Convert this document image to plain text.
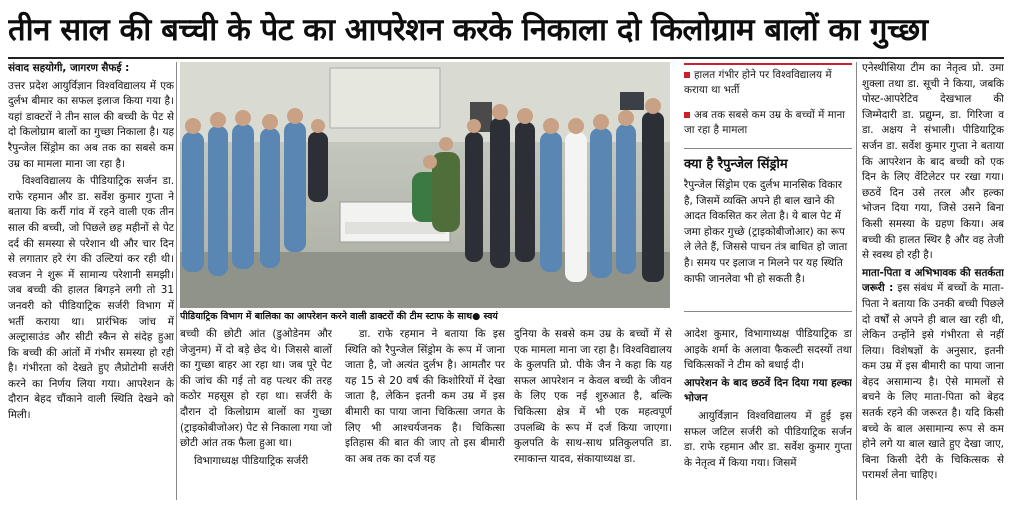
तीन साल की बच्ची के पेट का आपरेशन करके निकाला दो किलोग्राम बालों का गुच्छा

संवाद सहयोगी, जागरण सैफई :

उत्तर प्रदेश आयुर्विज्ञान विश्वविद्यालय में एक दुर्लभ बीमार का सफल इलाज किया गया है। यहां डाक्टरों ने तीन साल की बच्ची के पेट से दो किलोग्राम बालों का गुच्छा निकाला है। यह रैपुन्जेल सिंड्रोम का अब तक का सबसे कम उम्र का मामला माना जा रहा है।

विश्वविद्यालय के पीडियाट्रिक सर्जन डा. राफे रहमान और डा. सर्वेश कुमार गुप्ता ने बताया कि कर्री गांव में रहने वाली एक तीन साल की बच्ची, जो पिछले छह महीनों से पेट दर्द की समस्या से परेशान थी और चार दिन से लगातार हरे रंग की उल्टियां कर रही थी। स्वजन ने शुरू में सामान्य परेशानी समझी। जब बच्ची की हालत बिगड़ने लगी तो 31 जनवरी को पीडियाट्रिक सर्जरी विभाग में भर्ती कराया था। प्रारंभिक जांच में अल्ट्रासाउंड और सीटी स्कैन से संदेह हुआ कि बच्ची की आंतों में गंभीर समस्या हो रही है। गंभीरता को देखते हुए लैप्रोटोमी सर्जरी करने का निर्णय लिया गया। आपरेशन के दौरान बेहद चौंकाने वाली स्थिति देखने को मिली।

पीडियाट्रिक विभाग में बालिका का आपरेशन करने वाली डाक्टरों की टीम स्टाफ के साथ● स्वयं
हालत गंभीर होने पर विश्वविद्यालय में कराया था भर्ती
अब तक सबसे कम उम्र के बच्चों में माना जा रहा है मामला
क्या है रैपुन्जेल सिंड्रोम
रैपुन्जेल सिंड्रोम एक दुर्लभ मानसिक विकार है, जिसमें व्यक्ति अपने ही बाल खाने की आदत विकसित कर लेता है। ये बाल पेट में जमा होकर गुच्छे (ट्राइकोबीजोआर) का रूप ले लेते हैं, जिससे पाचन तंत्र बाधित हो जाता है। समय पर इलाज न मिलने पर यह स्थिति काफी जानलेवा भी हो सकती है।

बच्ची की छोटी आंत (डुओडेनम और जेजुनम) में दो बड़े छेद थे। जिससे बालों का गुच्छा बाहर आ रहा था। जब पूरे पेट की जांच की गई तो वह पत्थर की तरह कठोर महसूस हो रहा था। सर्जरी के दौरान दो किलोग्राम बालों का गुच्छा (ट्राइकोबीजोअर) पेट से निकाला गया जो छोटी आंत तक फैला हुआ था।

विभागाध्यक्ष पीडियाट्रिक सर्जरी

डा. राफे रहमान ने बताया कि इस स्थिति को रैपुन्जेल सिंड्रोम के रूप में जाना जाता है, जो अत्यंत दुर्लभ है। आमतौर पर यह 15 से 20 वर्ष की किशोरियों में देखा जाता है, लेकिन इतनी कम उम्र में इस बीमारी का पाया जाना चिकित्सा जगत के लिए भी आश्चर्यजनक है। चिकित्सा इतिहास की बात की जाए तो इस बीमारी का अब तक का दर्ज यह

दुनिया के सबसे कम उम्र के बच्चों में से एक मामला माना जा रहा है। विश्वविद्यालय के कुलपति प्रो. पीके जैन ने कहा कि यह सफल आपरेशन न केवल बच्ची के जीवन के लिए एक नई शुरुआत है, बल्कि चिकित्सा क्षेत्र में भी एक महत्वपूर्ण उपलब्धि के रूप में दर्ज किया जाएगा। कुलपति के साथ-साथ प्रतिकुलपति डा. रमाकान्त यादव, संकायाध्यक्ष डा.

आदेश कुमार, विभागाध्यक्ष पीडियाट्रिक डा आइके शर्मा के अलावा फैकल्टी सदस्यों तथा चिकित्सकों ने टीम को बधाई दी।

आपरेशन के बाद छठवें दिन दिया गया हल्का भोजन

आयुर्विज्ञान विश्वविद्यालय में हुई इस सफल जटिल सर्जरी को पीडियाट्रिक सर्जन डा. राफे रहमान और डा. सर्वेश कुमार गुप्ता के नेतृत्व में किया गया। जिसमें

एनेस्थीसिया टीम का नेतृत्व प्रो. उमा शुक्ला तथा डा. सूची ने किया, जबकि पोस्ट-आपरेटिव देखभाल की जिम्मेदारी डा. प्रद्युम्न, डा. गिरिजा व डा. अक्षय ने संभाली। पीडियाट्रिक सर्जन डा. सर्वेश कुमार गुप्ता ने बताया कि आपरेशन के बाद बच्ची को एक दिन के लिए वेंटिलेटर पर रखा गया। छठवें दिन उसे तरल और हल्का भोजन दिया गया, जिसे उसने बिना किसी समस्या के ग्रहण किया। अब बच्ची की हालत स्थिर है और वह तेजी से स्वस्थ हो रही है।

माता-पिता व अभिभावक की सतर्कता जरूरी : इस संबंध में बच्चों के माता-पिता ने बताया कि उनकी बच्ची पिछले दो वर्षों से अपने ही बाल खा रही थी, लेकिन उन्होंने इसे गंभीरता से नहीं लिया। विशेषज्ञों के अनुसार, इतनी कम उम्र में इस बीमारी का पाया जाना बेहद असामान्य है। ऐसे मामलों से बचने के लिए माता-पिता को बेहद सतर्क रहने की जरूरत है। यदि किसी बच्चे के बाल असामान्य रूप से कम होने लगे या बाल खाते हुए देखा जाए, बिना किसी देरी के चिकित्सक से परामर्श लेना चाहिए।
